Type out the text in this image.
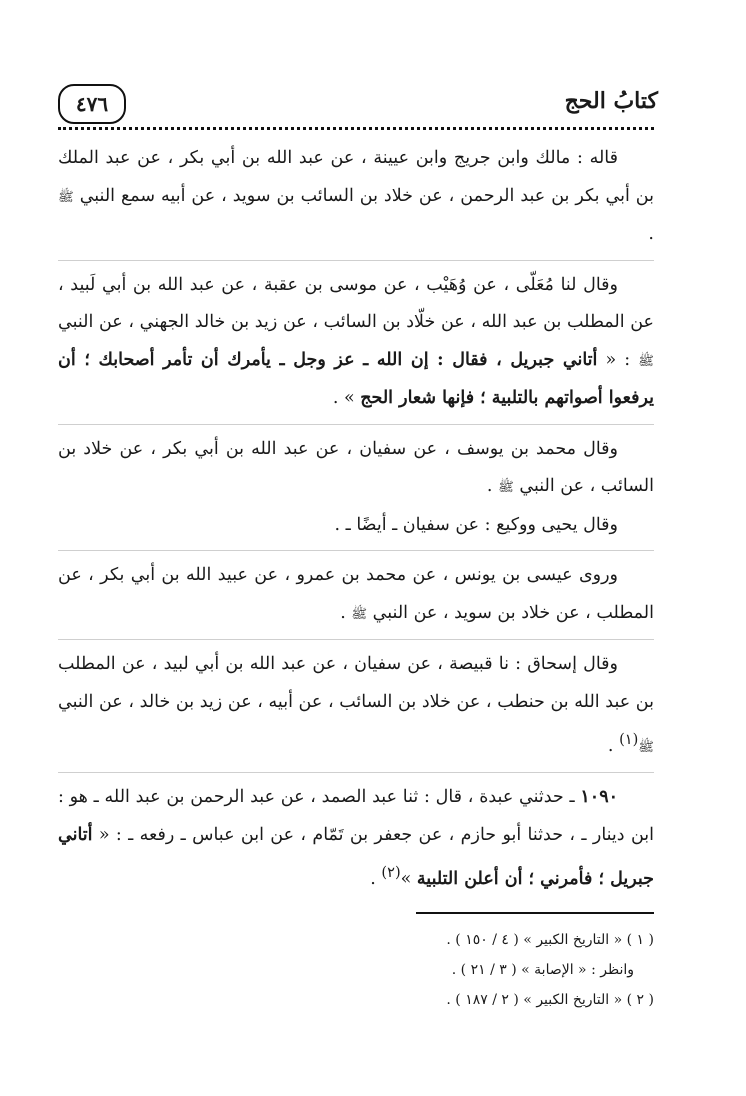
كتابُ الحج
٤٧٦

قاله : مالك وابن جريج وابن عيينة ، عن عبد الله بن أبي بكر ، عن عبد الملك بن أبي بكر بن عبد الرحمن ، عن خلاد بن السائب بن سويد ، عن أبيه سمع النبي ﷺ .

وقال لنا مُعَلّى ، عن وُهَيْب ، عن موسى بن عقبة ، عن عبد الله بن أبي لَبيد ، عن المطلب بن عبد الله ، عن خلّاد بن السائب ، عن زيد بن خالد الجهني ، عن النبي ﷺ : « أتاني جبريل ، فقال : إن الله ـ عز وجل ـ يأمرك أن تأمر أصحابك ؛ أن يرفعوا أصواتهم بالتلبية ؛ فإنها شعار الحج » .

وقال محمد بن يوسف ، عن سفيان ، عن عبد الله بن أبي بكر ، عن خلاد بن السائب ، عن النبي ﷺ .

وقال يحيى ووكيع : عن سفيان ـ أيضًا ـ .

وروى عيسى بن يونس ، عن محمد بن عمرو ، عن عبيد الله بن أبي بكر ، عن المطلب ، عن خلاد بن سويد ، عن النبي ﷺ .

وقال إسحاق : نا قبيصة ، عن سفيان ، عن عبد الله بن أبي لبيد ، عن المطلب بن عبد الله بن حنطب ، عن خلاد بن السائب ، عن أبيه ، عن زيد بن خالد ، عن النبي ﷺ$^{(١)}$ .

١٠٩٠ ـ حدثني عبدة ، قال : ثنا عبد الصمد ، عن عبد الرحمن بن عبد الله ـ هو : ابن دينار ـ ، حدثنا أبو حازم ، عن جعفر بن تَمّام ، عن ابن عباس ـ رفعه ـ : « أتاني جبريل ؛ فأمرني ؛ أن أعلن التلبية »$^{(٢)}$ .

( ١ ) « التاريخ الكبير » ( ٤ / ١٥٠ ) .

وانظر : « الإصابة » ( ٣ / ٢١ ) .

( ٢ ) « التاريخ الكبير » ( ٢ / ١٨٧ ) .
